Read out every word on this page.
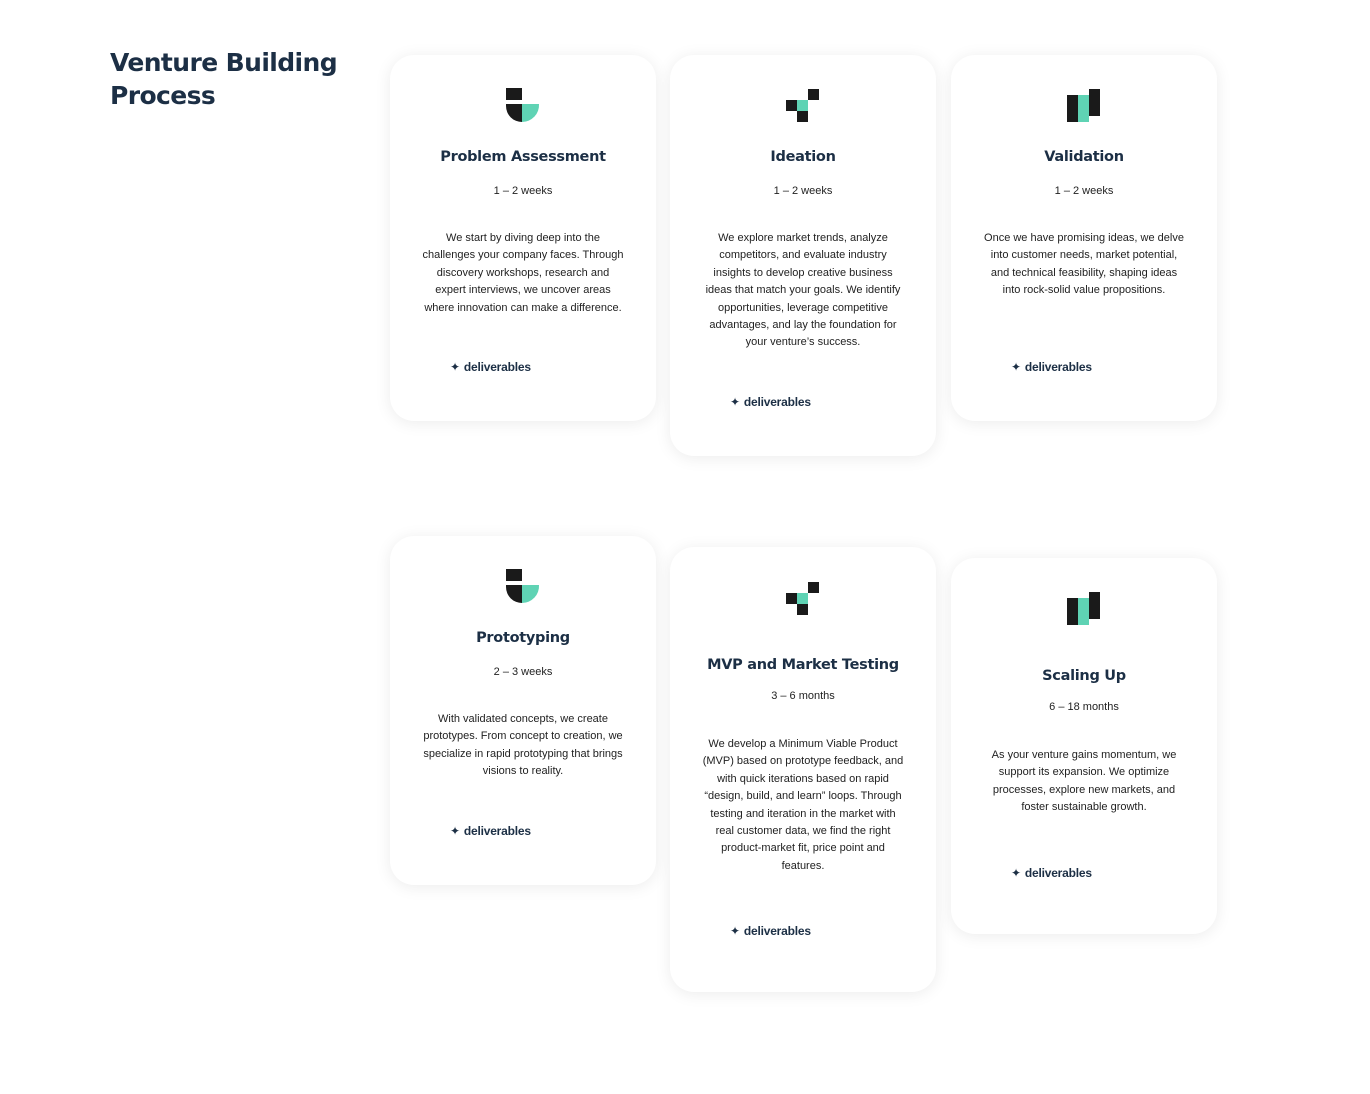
Venture Building Process
Problem Assessment
1 – 2 weeks

We start by diving deep into the challenges your company faces. Through discovery workshops, research and expert interviews, we uncover areas where innovation can make a difference.

✦ deliverables
Ideation
1 – 2 weeks

We explore market trends, analyze competitors, and evaluate industry insights to develop creative business ideas that match your goals. We identify opportunities, leverage competitive advantages, and lay the foundation for your venture’s success.

✦ deliverables
Validation
1 – 2 weeks

Once we have promising ideas, we delve into customer needs, market potential, and technical feasibility, shaping ideas into rock-solid value propositions.

✦ deliverables
Prototyping
2 – 3 weeks

With validated concepts, we create prototypes. From concept to creation, we specialize in rapid prototyping that brings visions to reality.

✦ deliverables
MVP and Market Testing
3 – 6 months

We develop a Minimum Viable Product (MVP) based on prototype feedback, and with quick iterations based on rapid “design, build, and learn” loops. Through testing and iteration in the market with real customer data, we find the right product-market fit, price point and features.

✦ deliverables
Scaling Up
6 – 18 months

As your venture gains momentum, we support its expansion. We optimize processes, explore new markets, and foster sustainable growth.

✦ deliverables
